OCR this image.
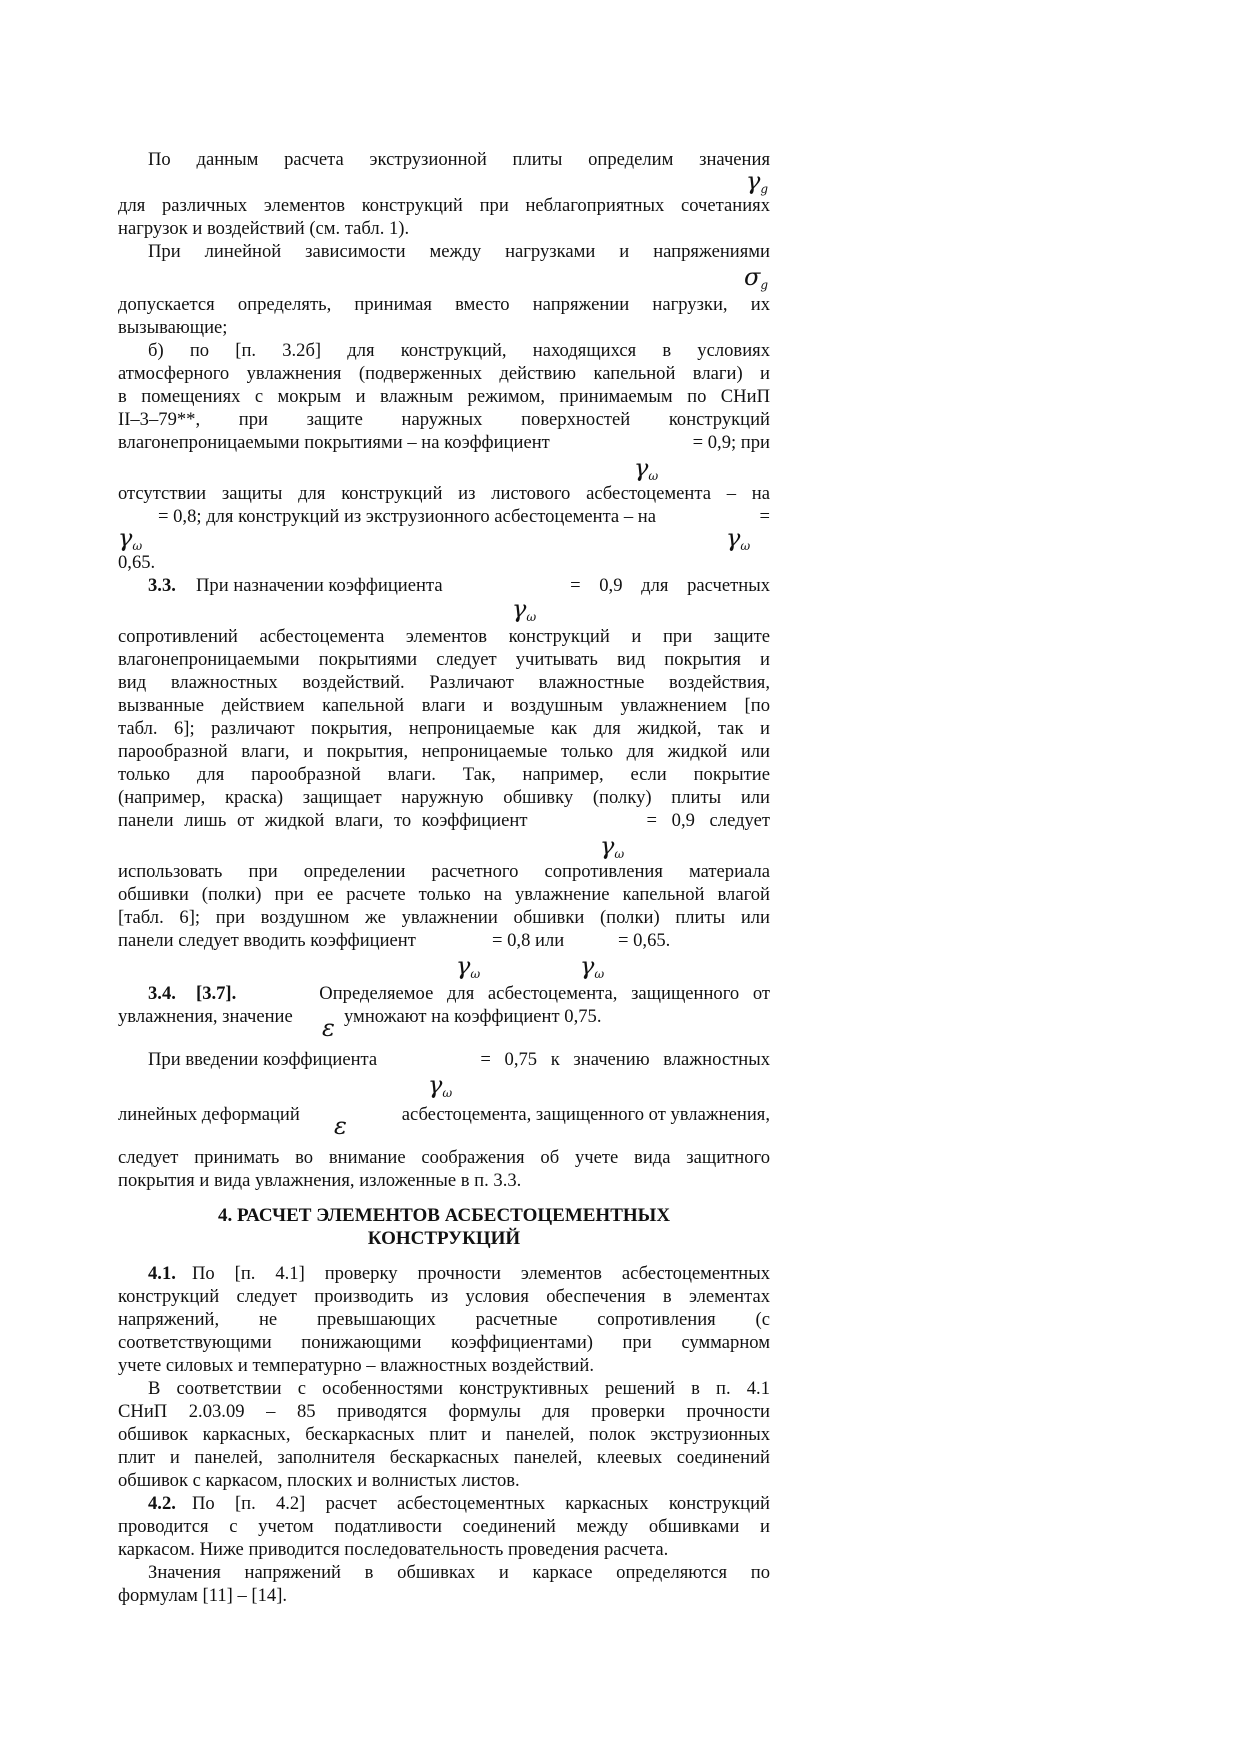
По данным расчета экструзионной плиты определим значения
$\gamma_g$
для различных элементов конструкций при неблагоприятных сочетаниях
нагрузок и воздействий (см. табл. 1).
При линейной зависимости между нагрузками и напряжениями
$\sigma_g$
допускается определять, принимая вместо напряжении нагрузки, их
вызывающие;
б) по [п. 3.2б] для конструкций, находящихся в условиях
атмосферного увлажнения (подверженных действию капельной влаги) и
в помещениях с мокрым и влажным режимом, принимаемым по СНиП
II–3–79**, при защите наружных поверхностей конструкций
влагонепроницаемыми покрытиями – на коэффициент	= 0,9; при
$\gamma_\omega$
отсутствии защиты для конструкций из листового асбестоцемента – на
= 0,8; для конструкций из экструзионного асбестоцемента – на	=
$\gamma_\omega$	$\gamma_\omega$
0,65.
3.3. При назначении коэффициента	= 0,9 для расчетных
$\gamma_\omega$
сопротивлений асбестоцемента элементов конструкций и при защите
влагонепроницаемыми покрытиями следует учитывать вид покрытия и
вид влажностных воздействий. Различают влажностные воздействия,
вызванные действием капельной влаги и воздушным увлажнением [по
табл. 6]; различают покрытия, непроницаемые как для жидкой, так и
парообразной влаги, и покрытия, непроницаемые только для жидкой или
только для парообразной влаги. Так, например, если покрытие
(например, краска) защищает наружную обшивку (полку) плиты или
панели лишь от жидкой влаги, то коэффициент	= 0,9 следует
$\gamma_\omega$
использовать при определении расчетного сопротивления материала
обшивки (полки) при ее расчете только на увлажнение капельной влагой
[табл. 6]; при воздушном же увлажнении обшивки (полки) плиты или
панели следует вводить коэффициент	= 0,8 или	= 0,65.
$\gamma_\omega$	$\gamma_\omega$
3.4. [3.7].	Определяемое для асбестоцемента, защищенного от
увлажнения, значение	умножают на коэффициент 0,75.
ε
При введении коэффициента	= 0,75 к значению влажностных
$\gamma_\omega$
линейных деформаций	асбестоцемента, защищенного от увлажнения,
ε
следует принимать во внимание соображения об учете вида защитного
покрытия и вида увлажнения, изложенные в п. 3.3.
4. РАСЧЕТ ЭЛЕМЕНТОВ АСБЕСТОЦЕМЕНТНЫХ
КОНСТРУКЦИЙ
4.1. По [п. 4.1] проверку прочности элементов асбестоцементных
конструкций следует производить из условия обеспечения в элементах
напряжений, не превышающих расчетные сопротивления (с
соответствующими понижающими коэффициентами) при суммарном
учете силовых и температурно – влажностных воздействий.
В соответствии с особенностями конструктивных решений в п. 4.1
СНиП 2.03.09 – 85 приводятся формулы для проверки прочности
обшивок каркасных, бескаркасных плит и панелей, полок экструзионных
плит и панелей, заполнителя бескаркасных панелей, клеевых соединений
обшивок с каркасом, плоских и волнистых листов.
4.2. По [п. 4.2] расчет асбестоцементных каркасных конструкций
проводится с учетом податливости соединений между обшивками и
каркасом. Ниже приводится последовательность проведения расчета.
Значения напряжений в обшивках и каркасе определяются по
формулам [11] – [14].
